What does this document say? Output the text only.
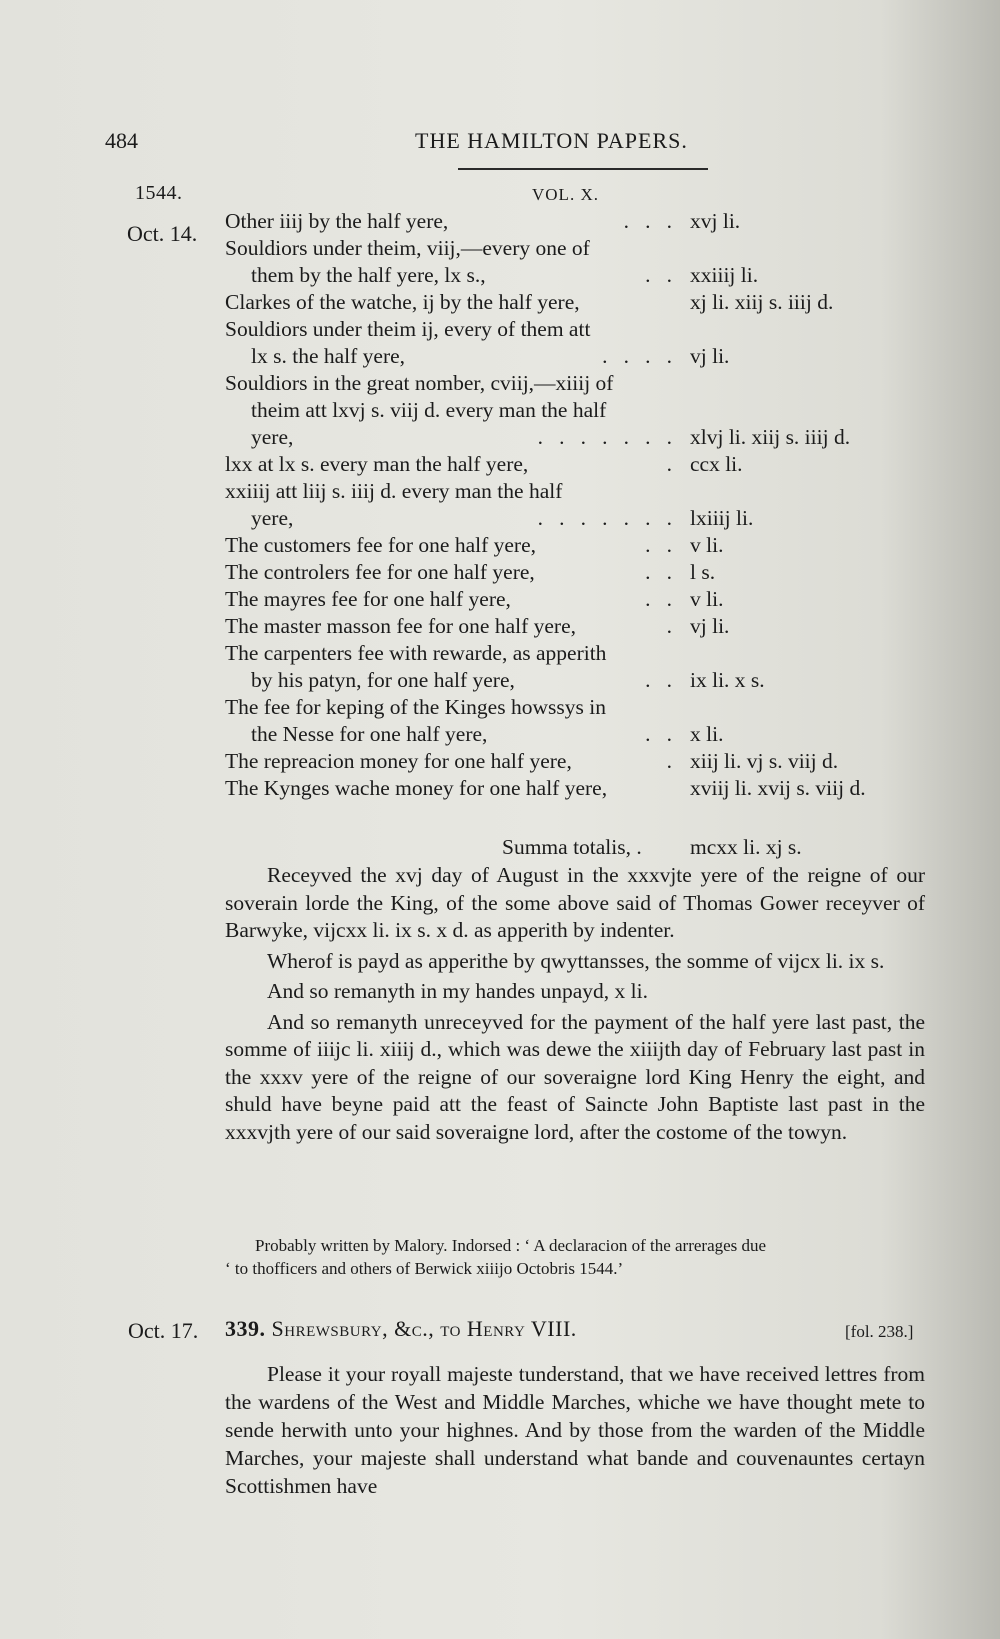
484	THE HAMILTON PAPERS.
1544.	VOL. X.
Oct. 14. Other iiij by the half yere,	.   .   . xvj li.
Souldiors under theim, viij,—every one of
them by the half yere, lx s.,	.   . xxiiij li.
Clarkes of the watche, ij by the half yere,	xj li. xiij s. iiij d.
Souldiors under theim ij, every of them att
lx s. the half yere,	.   .   .   . vj li.
Souldiors in the great nomber, cviij,—xiiij of
theim att lxvj s. viij d. every man the half
yere,	.   .   .   .   .   .   . xlvj li. xiij s. iiij d.
lxx at lx s. every man the half yere,	. ccx li.
xxiiij att liij s. iiij d. every man the half
yere,	.   .   .   .   .   .   . lxiiij li.
The customers fee for one half yere,	.   . v li.
The controlers fee for one half yere,	.   . l s.
The mayres fee for one half yere,	.   . v li.
The master masson fee for one half yere,	. vj li.
The carpenters fee with rewarde, as apperith
by his patyn, for one half yere,	.   . ix li. x s.
The fee for keping of the Kinges howssys in
the Nesse for one half yere,	.   . x li.
The repreacion money for one half yere,	. xiij li. vj s. viij d.
The Kynges wache money for one half yere,	xviij li. xvij s. viij d.
Summa totalis, . mcxx li. xj s.

Receyved the xvj day of August in the xxxvjte yere of the reigne of our soverain lorde the King, of the some above said of Thomas Gower receyver of Barwyke, vijcxx li. ix s. x d. as apperith by indenter.

Wherof is payd as apperithe by qwyttansses, the somme of vijcx li. ix s.

And so remanyth in my handes unpayd, x li.

And so remanyth unreceyved for the payment of the half yere last past, the somme of iiijc li. xiiij d., which was dewe the xiiijth day of February last past in the xxxv yere of the reigne of our soveraigne lord King Henry the eight, and shuld have beyne paid att the feast of Saincte John Baptiste last past in the xxxvjth yere of our said soveraigne lord, after the costome of the towyn.

Probably written by Malory. Indorsed : ‘ A declaracion of the arrerages due
‘ to thofficers and others of Berwick xiiijo Octobris 1544.’
Oct. 17. 339. Shrewsbury, &c., to Henry VIII.	[fol. 238.]

Please it your royall majeste tunderstand, that we have received lettres from the wardens of the West and Middle Marches, whiche we have thought mete to sende herwith unto your highnes. And by those from the warden of the Middle Marches, your majeste shall understand what bande and couvenauntes certayn Scottishmen have
